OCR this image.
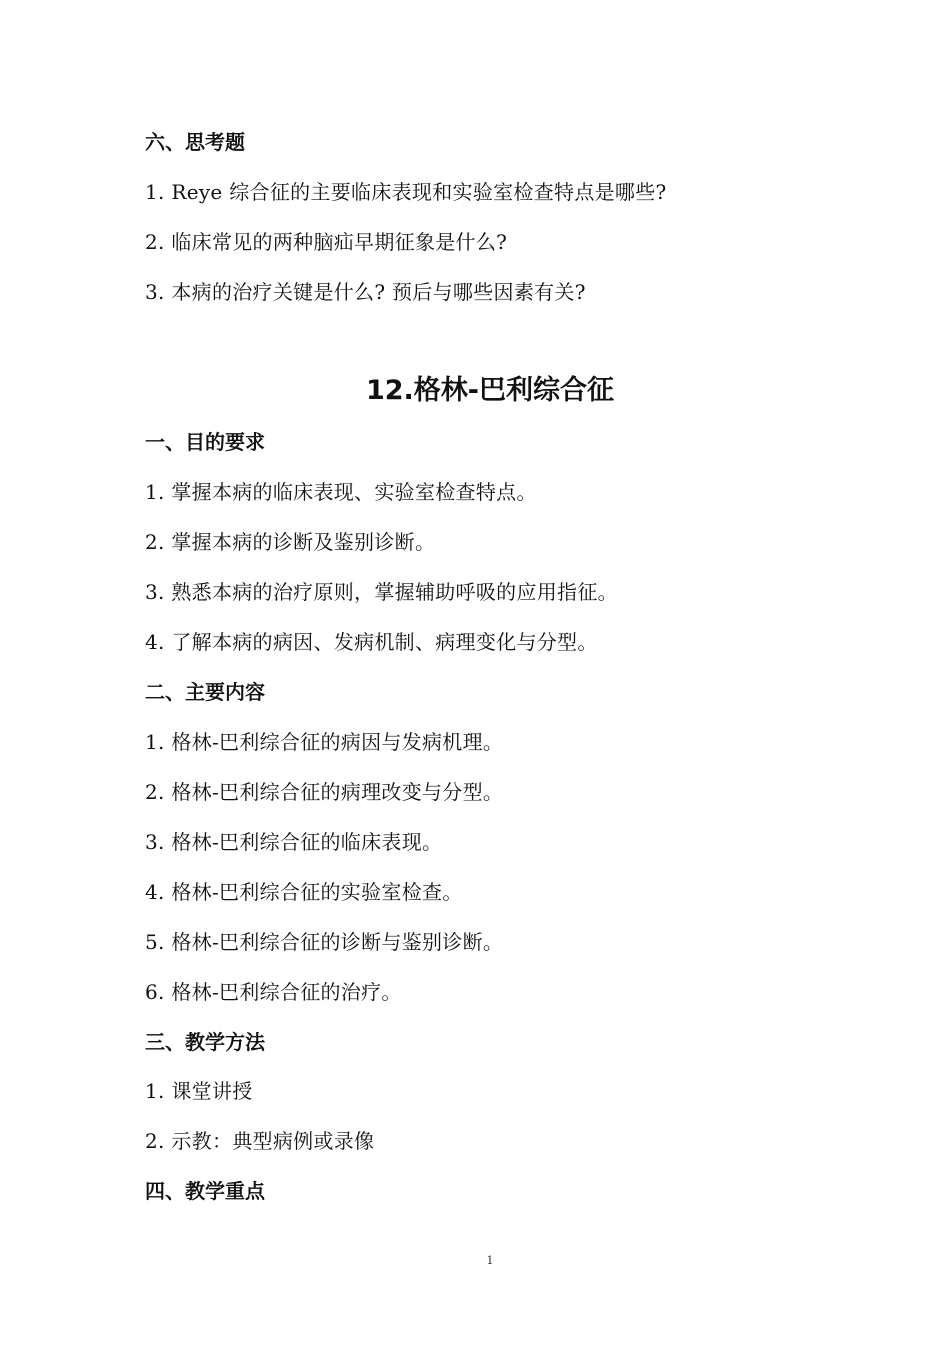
六、思考题
1. Reye 综合征的主要临床表现和实验室检查特点是哪些?
2. 临床常见的两种脑疝早期征象是什么?
3. 本病的治疗关键是什么? 预后与哪些因素有关?
12.格林-巴利综合征
一、目的要求
1. 掌握本病的临床表现、实验室检查特点。
2. 掌握本病的诊断及鉴别诊断。
3. 熟悉本病的治疗原则，掌握辅助呼吸的应用指征。
4. 了解本病的病因、发病机制、病理变化与分型。
二、主要内容
1. 格林-巴利综合征的病因与发病机理。
2. 格林-巴利综合征的病理改变与分型。
3. 格林-巴利综合征的临床表现。
4. 格林-巴利综合征的实验室检查。
5. 格林-巴利综合征的诊断与鉴别诊断。
6. 格林-巴利综合征的治疗。
三、教学方法
1. 课堂讲授
2. 示教：典型病例或录像
四、教学重点
1
